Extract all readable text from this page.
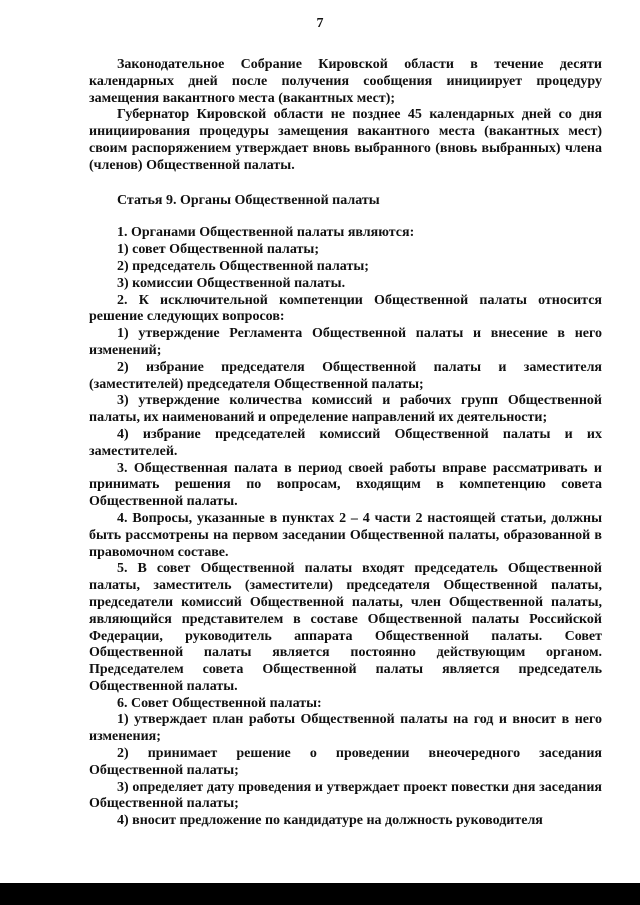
7

Законодательное Собрание Кировской области в течение десяти календарных дней после получения сообщения инициирует процедуру замещения вакантного места (вакантных мест);

Губернатор Кировской области не позднее 45 календарных дней со дня инициирования процедуры замещения вакантного места (вакантных мест) своим распоряжением утверждает вновь выбранного (вновь выбранных) члена (членов) Общественной палаты.

Статья 9. Органы Общественной палаты

1. Органами Общественной палаты являются:

1) совет Общественной палаты;

2) председатель Общественной палаты;

3) комиссии Общественной палаты.

2. К исключительной компетенции Общественной палаты относится решение следующих вопросов:

1) утверждение Регламента Общественной палаты и внесение в него изменений;

2) избрание председателя Общественной палаты и заместителя (заместителей) председателя Общественной палаты;

3) утверждение количества комиссий и рабочих групп Общественной палаты, их наименований и определение направлений их деятельности;

4) избрание председателей комиссий Общественной палаты и их заместителей.

3. Общественная палата в период своей работы вправе рассматривать и принимать решения по вопросам, входящим в компетенцию совета Общественной палаты.

4. Вопросы, указанные в пунктах 2 – 4 части 2 настоящей статьи, должны быть рассмотрены на первом заседании Общественной палаты, образованной в правомочном составе.

5. В совет Общественной палаты входят председатель Общественной палаты, заместитель (заместители) председателя Общественной палаты, председатели комиссий Общественной палаты, член Общественной палаты, являющийся представителем в составе Общественной палаты Российской Федерации, руководитель аппарата Общественной палаты. Совет Общественной палаты является постоянно действующим органом. Председателем совета Общественной палаты является председатель Общественной палаты.

6. Совет Общественной палаты:

1) утверждает план работы Общественной палаты на год и вносит в него изменения;

2) принимает решение о проведении внеочередного заседания Общественной палаты;

3) определяет дату проведения и утверждает проект повестки дня заседания Общественной палаты;

4) вносит предложение по кандидатуре на должность руководителя
